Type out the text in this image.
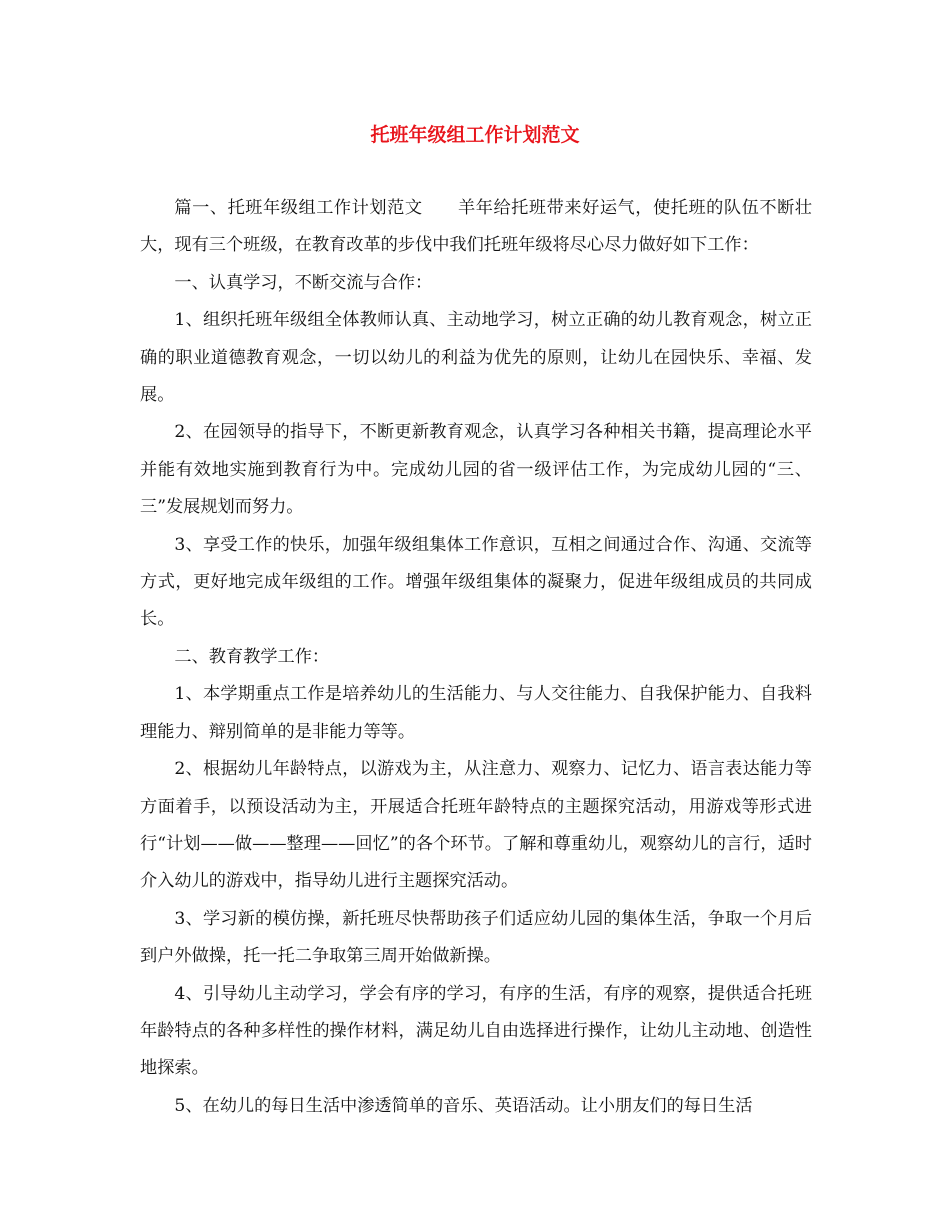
托班年级组工作计划范文

篇一、托班年级组工作计划范文　　羊年给托班带来好运气，使托班的队伍不断壮大，现有三个班级，在教育改革的步伐中我们托班年级将尽心尽力做好如下工作：

一、认真学习，不断交流与合作：

1、组织托班年级组全体教师认真、主动地学习，树立正确的幼儿教育观念，树立正确的职业道德教育观念，一切以幼儿的利益为优先的原则，让幼儿在园快乐、幸福、发展。

2、在园领导的指导下，不断更新教育观念，认真学习各种相关书籍，提高理论水平并能有效地实施到教育行为中。完成幼儿园的省一级评估工作，为完成幼儿园的“三、三”发展规划而努力。

3、享受工作的快乐，加强年级组集体工作意识，互相之间通过合作、沟通、交流等方式，更好地完成年级组的工作。增强年级组集体的凝聚力，促进年级组成员的共同成长。

二、教育教学工作：

1、本学期重点工作是培养幼儿的生活能力、与人交往能力、自我保护能力、自我料理能力、辩别简单的是非能力等等。

2、根据幼儿年龄特点，以游戏为主，从注意力、观察力、记忆力、语言表达能力等方面着手，以预设活动为主，开展适合托班年龄特点的主题探究活动，用游戏等形式进行“计划——做——整理——回忆”的各个环节。了解和尊重幼儿，观察幼儿的言行，适时介入幼儿的游戏中，指导幼儿进行主题探究活动。

3、学习新的模仿操，新托班尽快帮助孩子们适应幼儿园的集体生活，争取一个月后到户外做操，托一托二争取第三周开始做新操。

4、引导幼儿主动学习，学会有序的学习，有序的生活，有序的观察，提供适合托班年龄特点的各种多样性的操作材料，满足幼儿自由选择进行操作，让幼儿主动地、创造性地探索。

5、在幼儿的每日生活中渗透简单的音乐、英语活动。让小朋友们的每日生活
